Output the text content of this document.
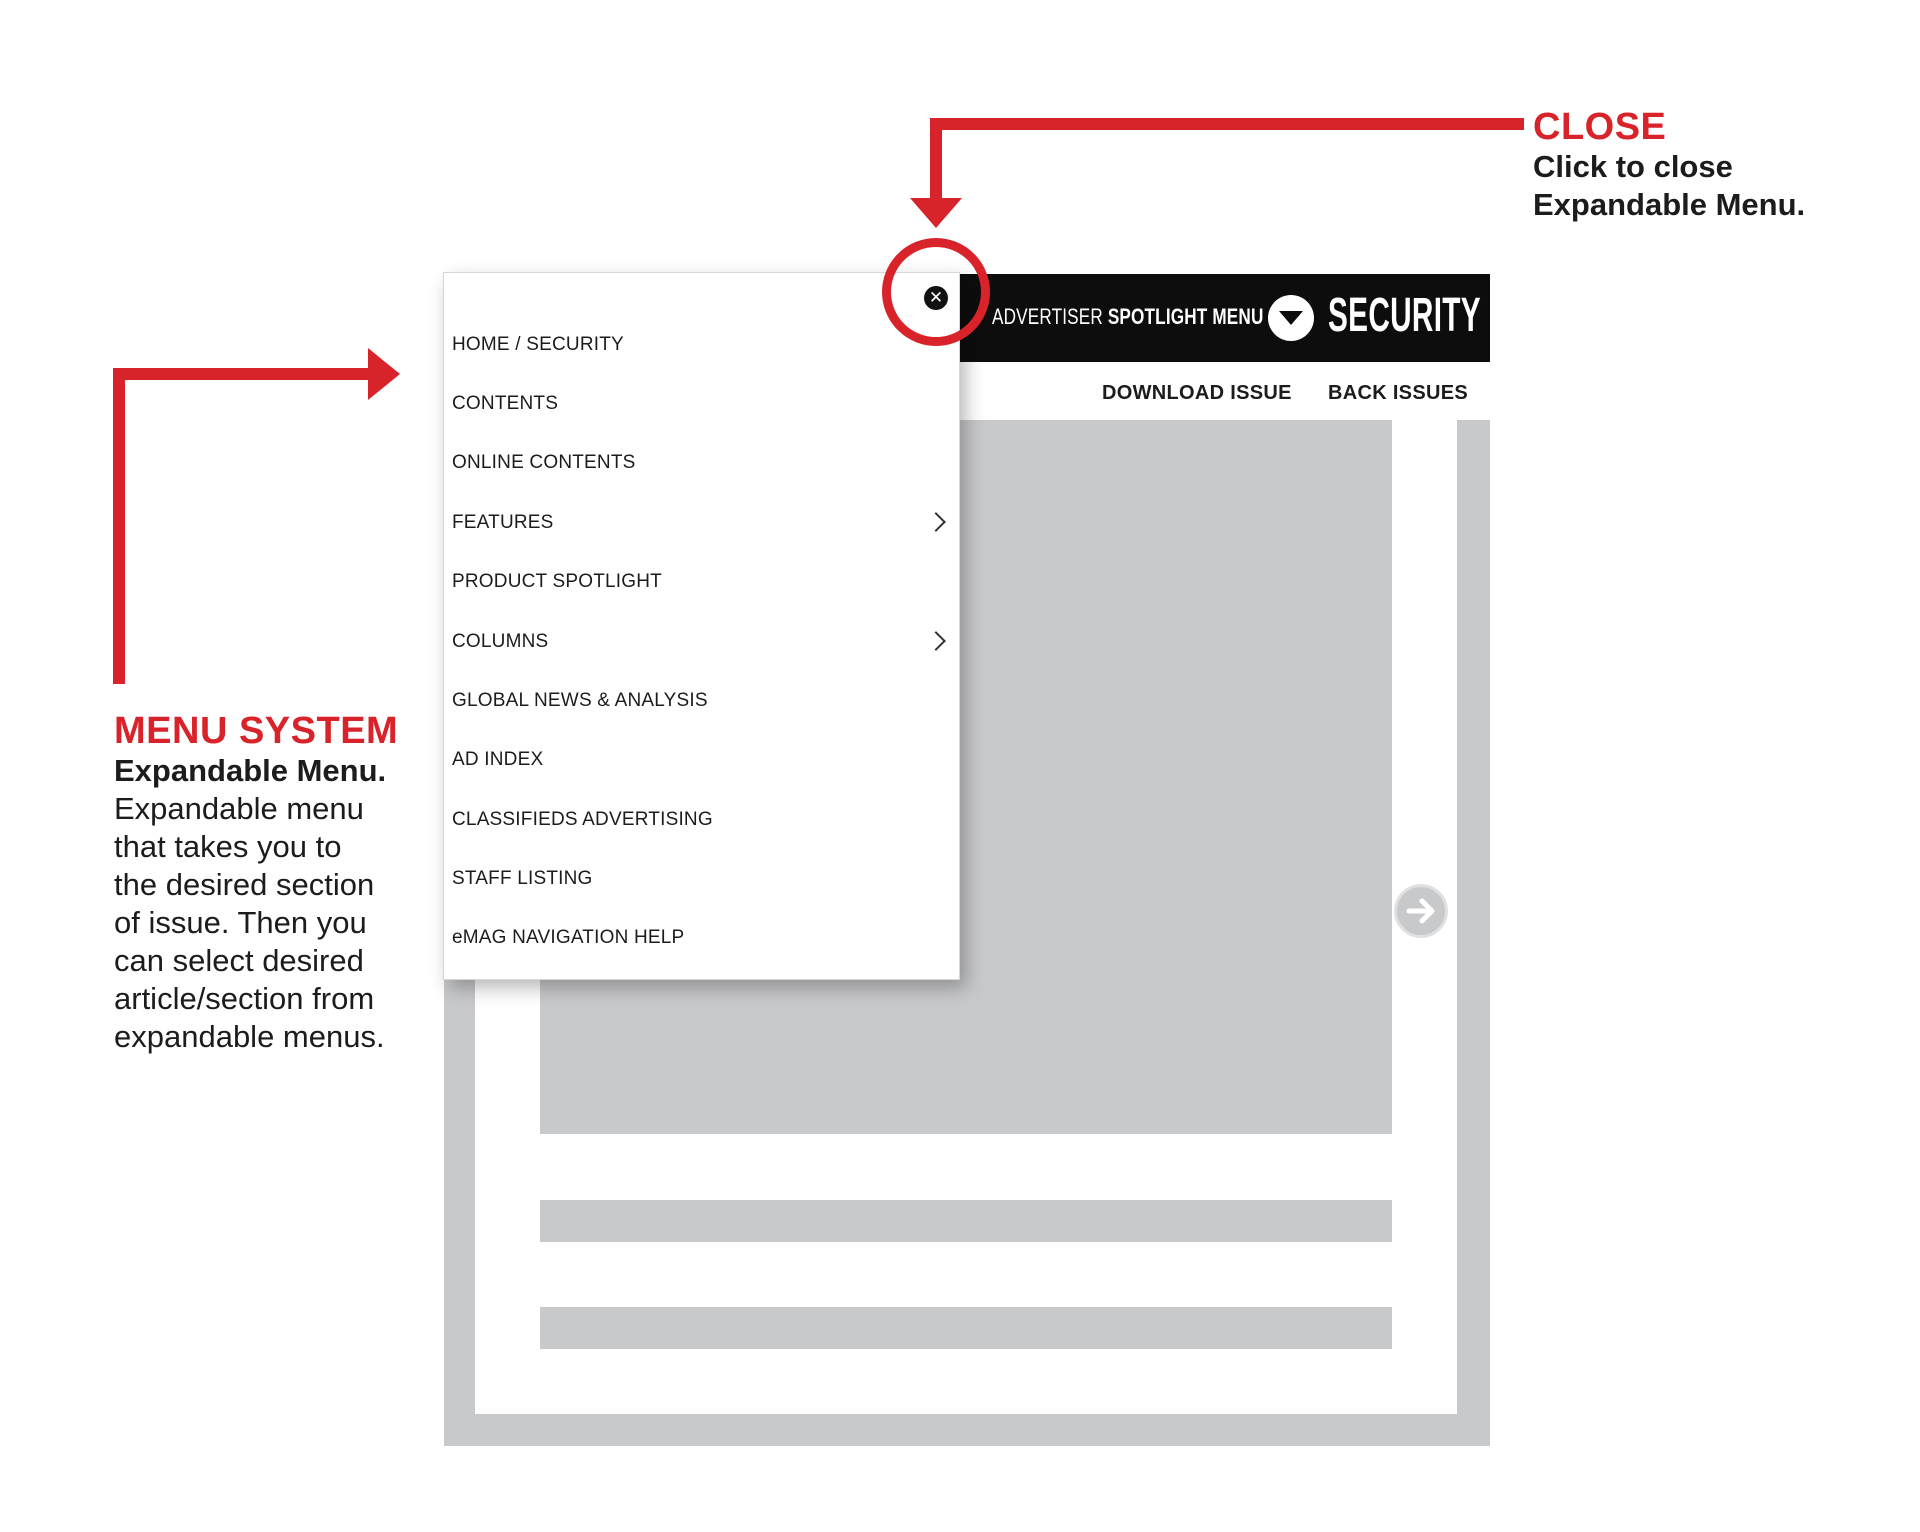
CLOSE
Click to close
Expandable Menu.
MENU SYSTEM
Expandable Menu.
Expandable menu
that takes you to
the desired section
of issue. Then you
can select desired
article/section from
expandable menus.
ADVERTISER SPOTLIGHT MENU SECURITY
DOWNLOAD ISSUE BACK ISSUES
HOME / SECURITY
CONTENTS
ONLINE CONTENTS
FEATURES
PRODUCT SPOTLIGHT
COLUMNS
GLOBAL NEWS & ANALYSIS
AD INDEX
CLASSIFIEDS ADVERTISING
STAFF LISTING
eMAG NAVIGATION HELP
✕
